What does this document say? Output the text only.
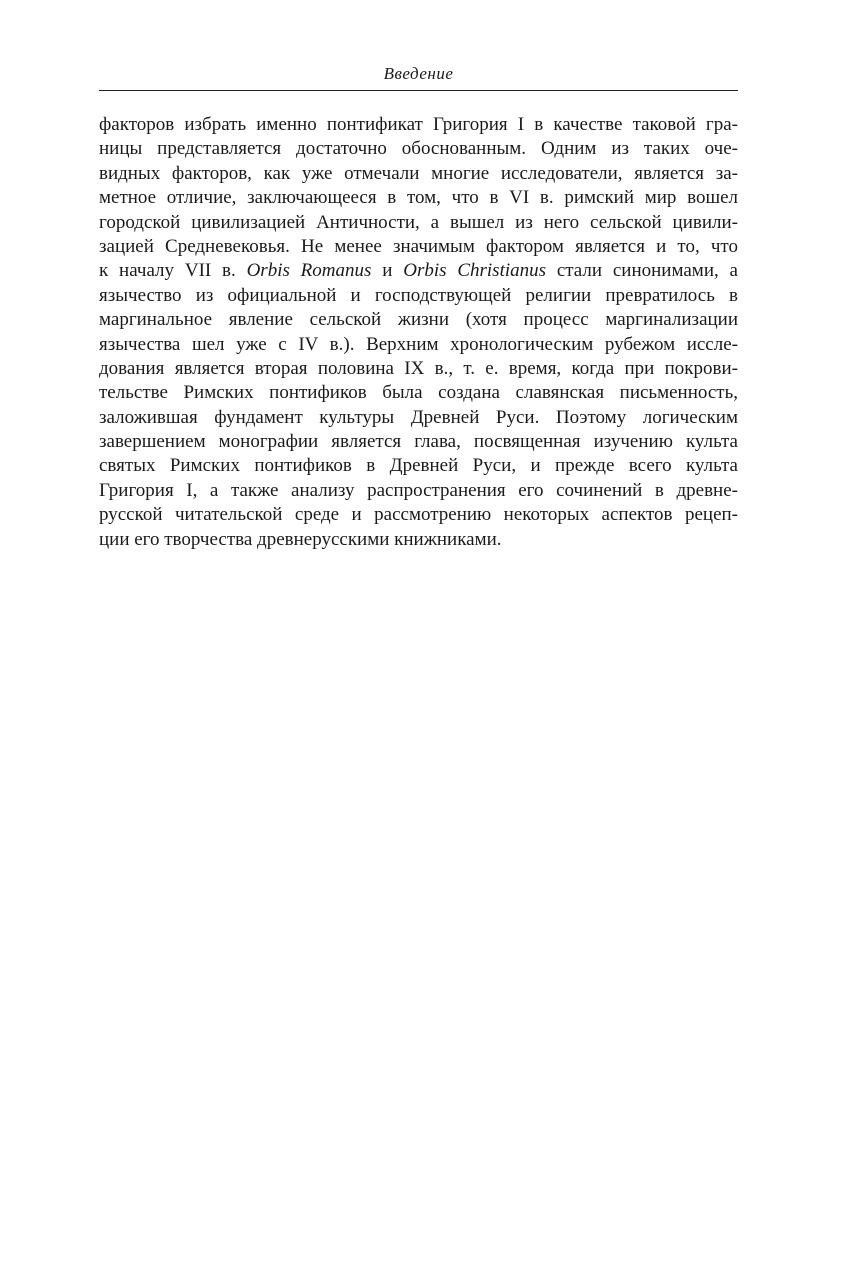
Введение
факторов избрать именно понтификат Григория I в качестве таковой гра-
ницы представляется достаточно обоснованным. Одним из таких оче-
видных факторов, как уже отмечали многие исследователи, является за-
метное отличие, заключающееся в том, что в VI в. римский мир вошел
городской цивилизацией Античности, а вышел из него сельской цивили-
зацией Средневековья. Не менее значимым фактором является и то, что
к началу VII в. Orbis Romanus и Orbis Christianus стали синонимами, а
язычество из официальной и господствующей религии превратилось в
маргинальное явление сельской жизни (хотя процесс маргинализации
язычества шел уже с IV в.). Верхним хронологическим рубежом иссле-
дования является вторая половина IX в., т. е. время, когда при покрови-
тельстве Римских понтификов была создана славянская письменность,
заложившая фундамент культуры Древней Руси. Поэтому логическим
завершением монографии является глава, посвященная изучению культа
святых Римских понтификов в Древней Руси, и прежде всего культа
Григория I, а также анализу распространения его сочинений в древне-
русской читательской среде и рассмотрению некоторых аспектов рецеп-
ции его творчества древнерусскими книжниками.
